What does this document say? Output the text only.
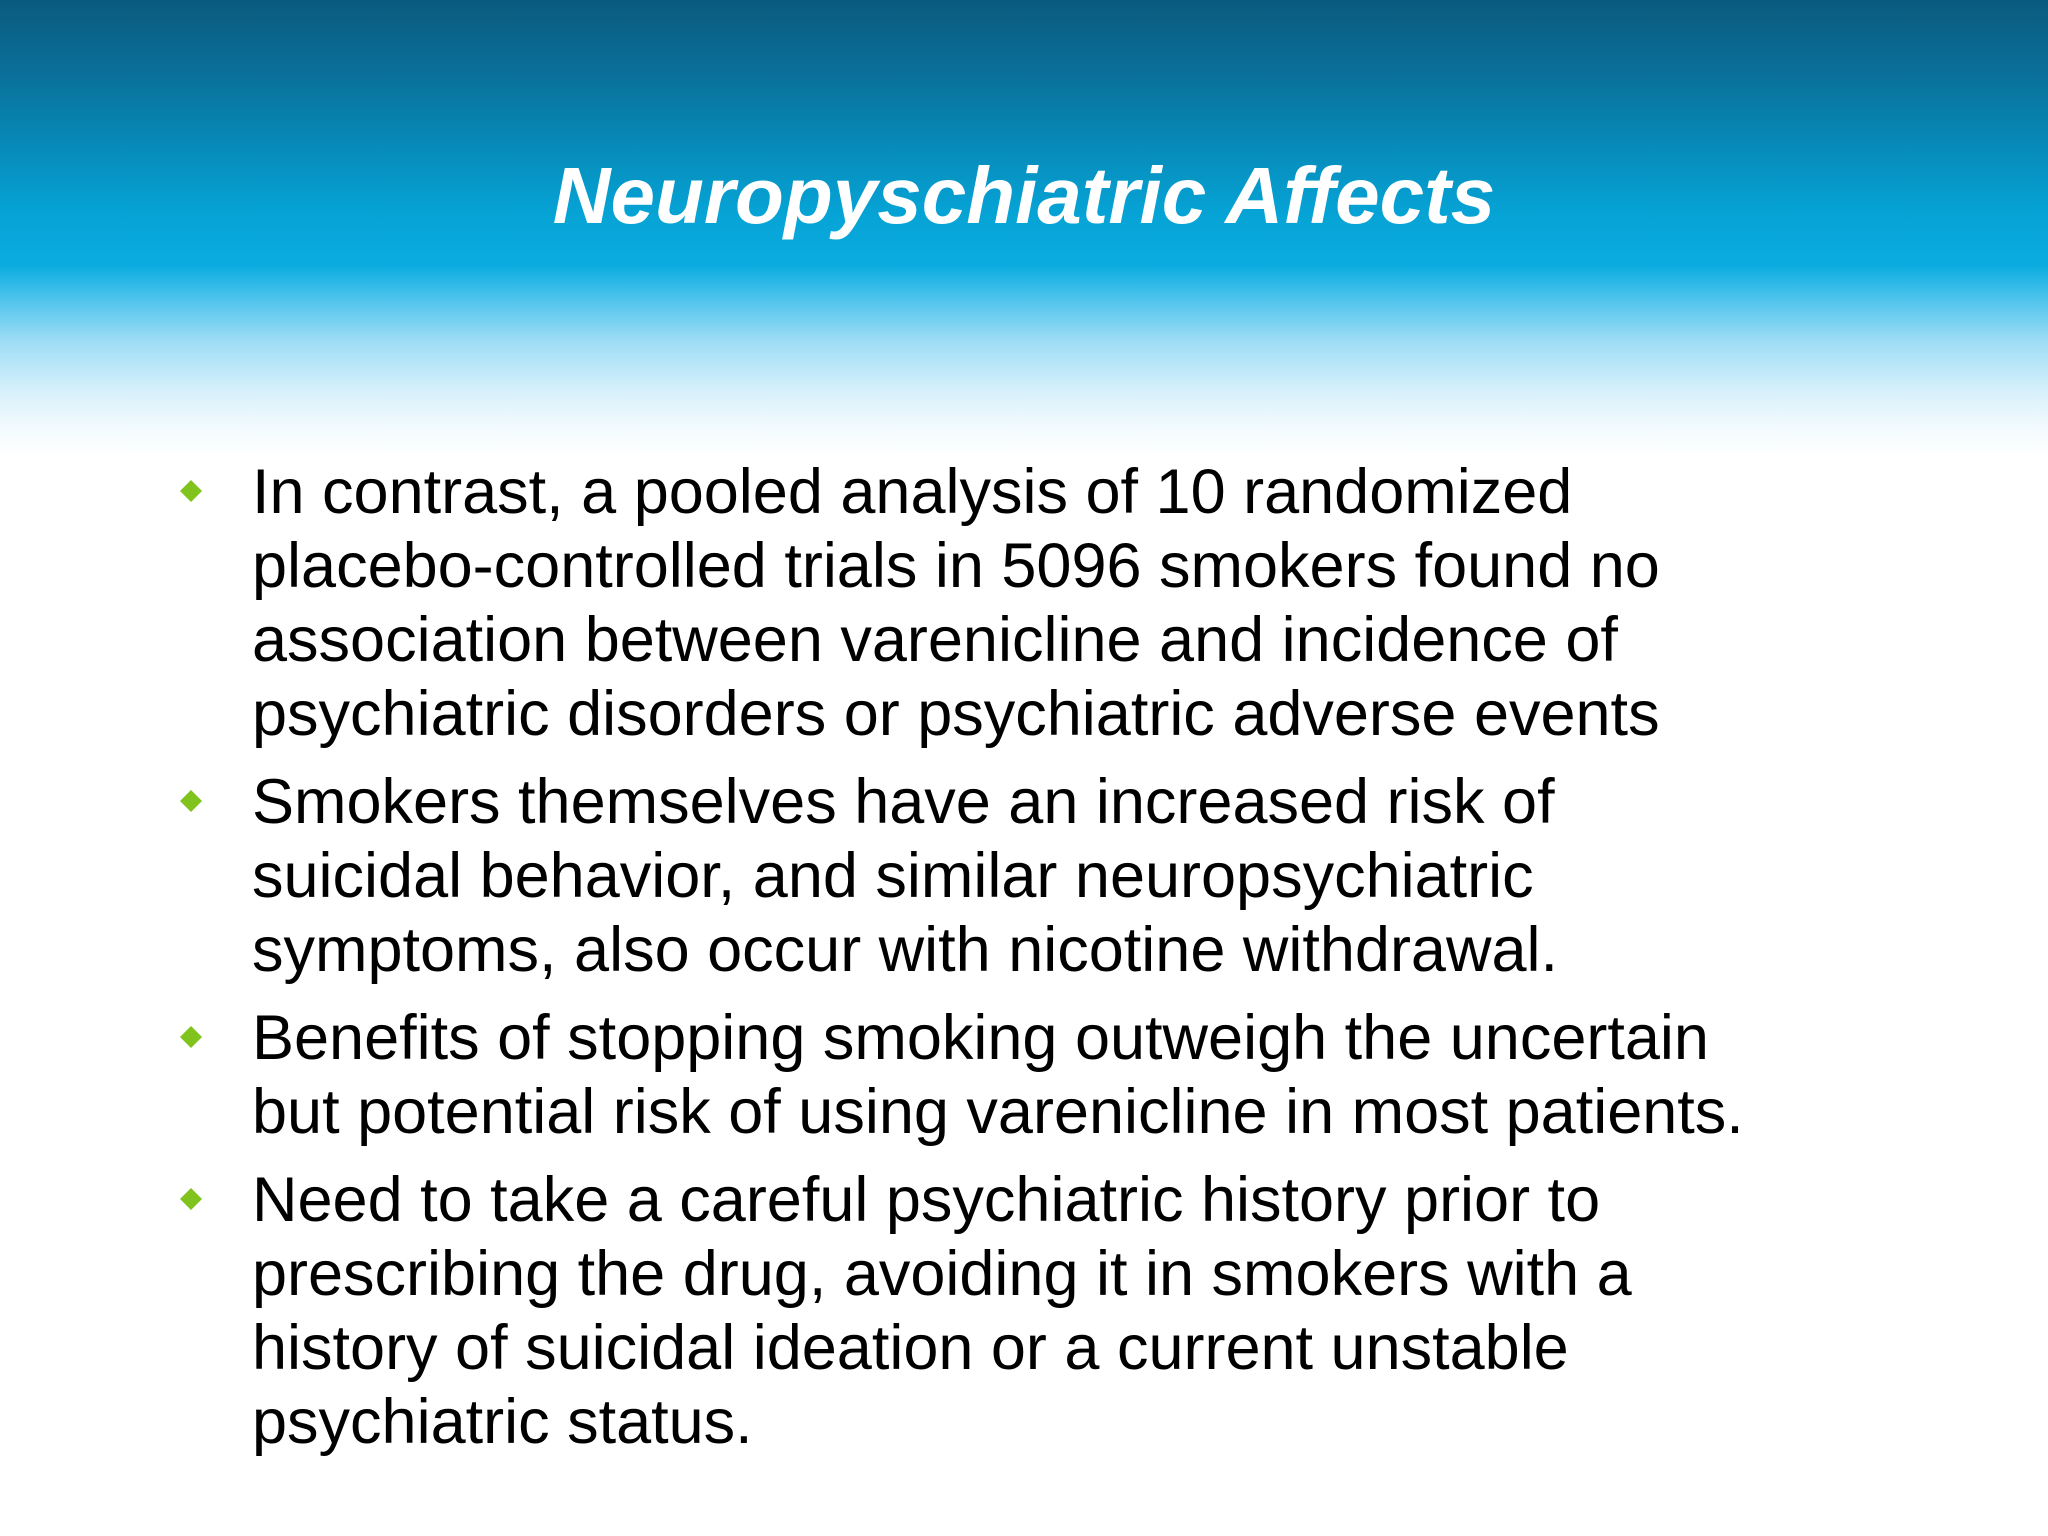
Neuropyschiatric Affects
In contrast, a pooled analysis of 10 randomized
placebo-controlled trials in 5096 smokers found no
association between varenicline and incidence of
psychiatric disorders or psychiatric adverse events
Smokers themselves have an increased risk of
suicidal behavior, and similar neuropsychiatric
symptoms, also occur with nicotine withdrawal.
Benefits of stopping smoking outweigh the uncertain
but potential risk of using varenicline in most patients.
Need to take a careful psychiatric history prior to
prescribing the drug, avoiding it in smokers with a
history of suicidal ideation or a current unstable
psychiatric status.
